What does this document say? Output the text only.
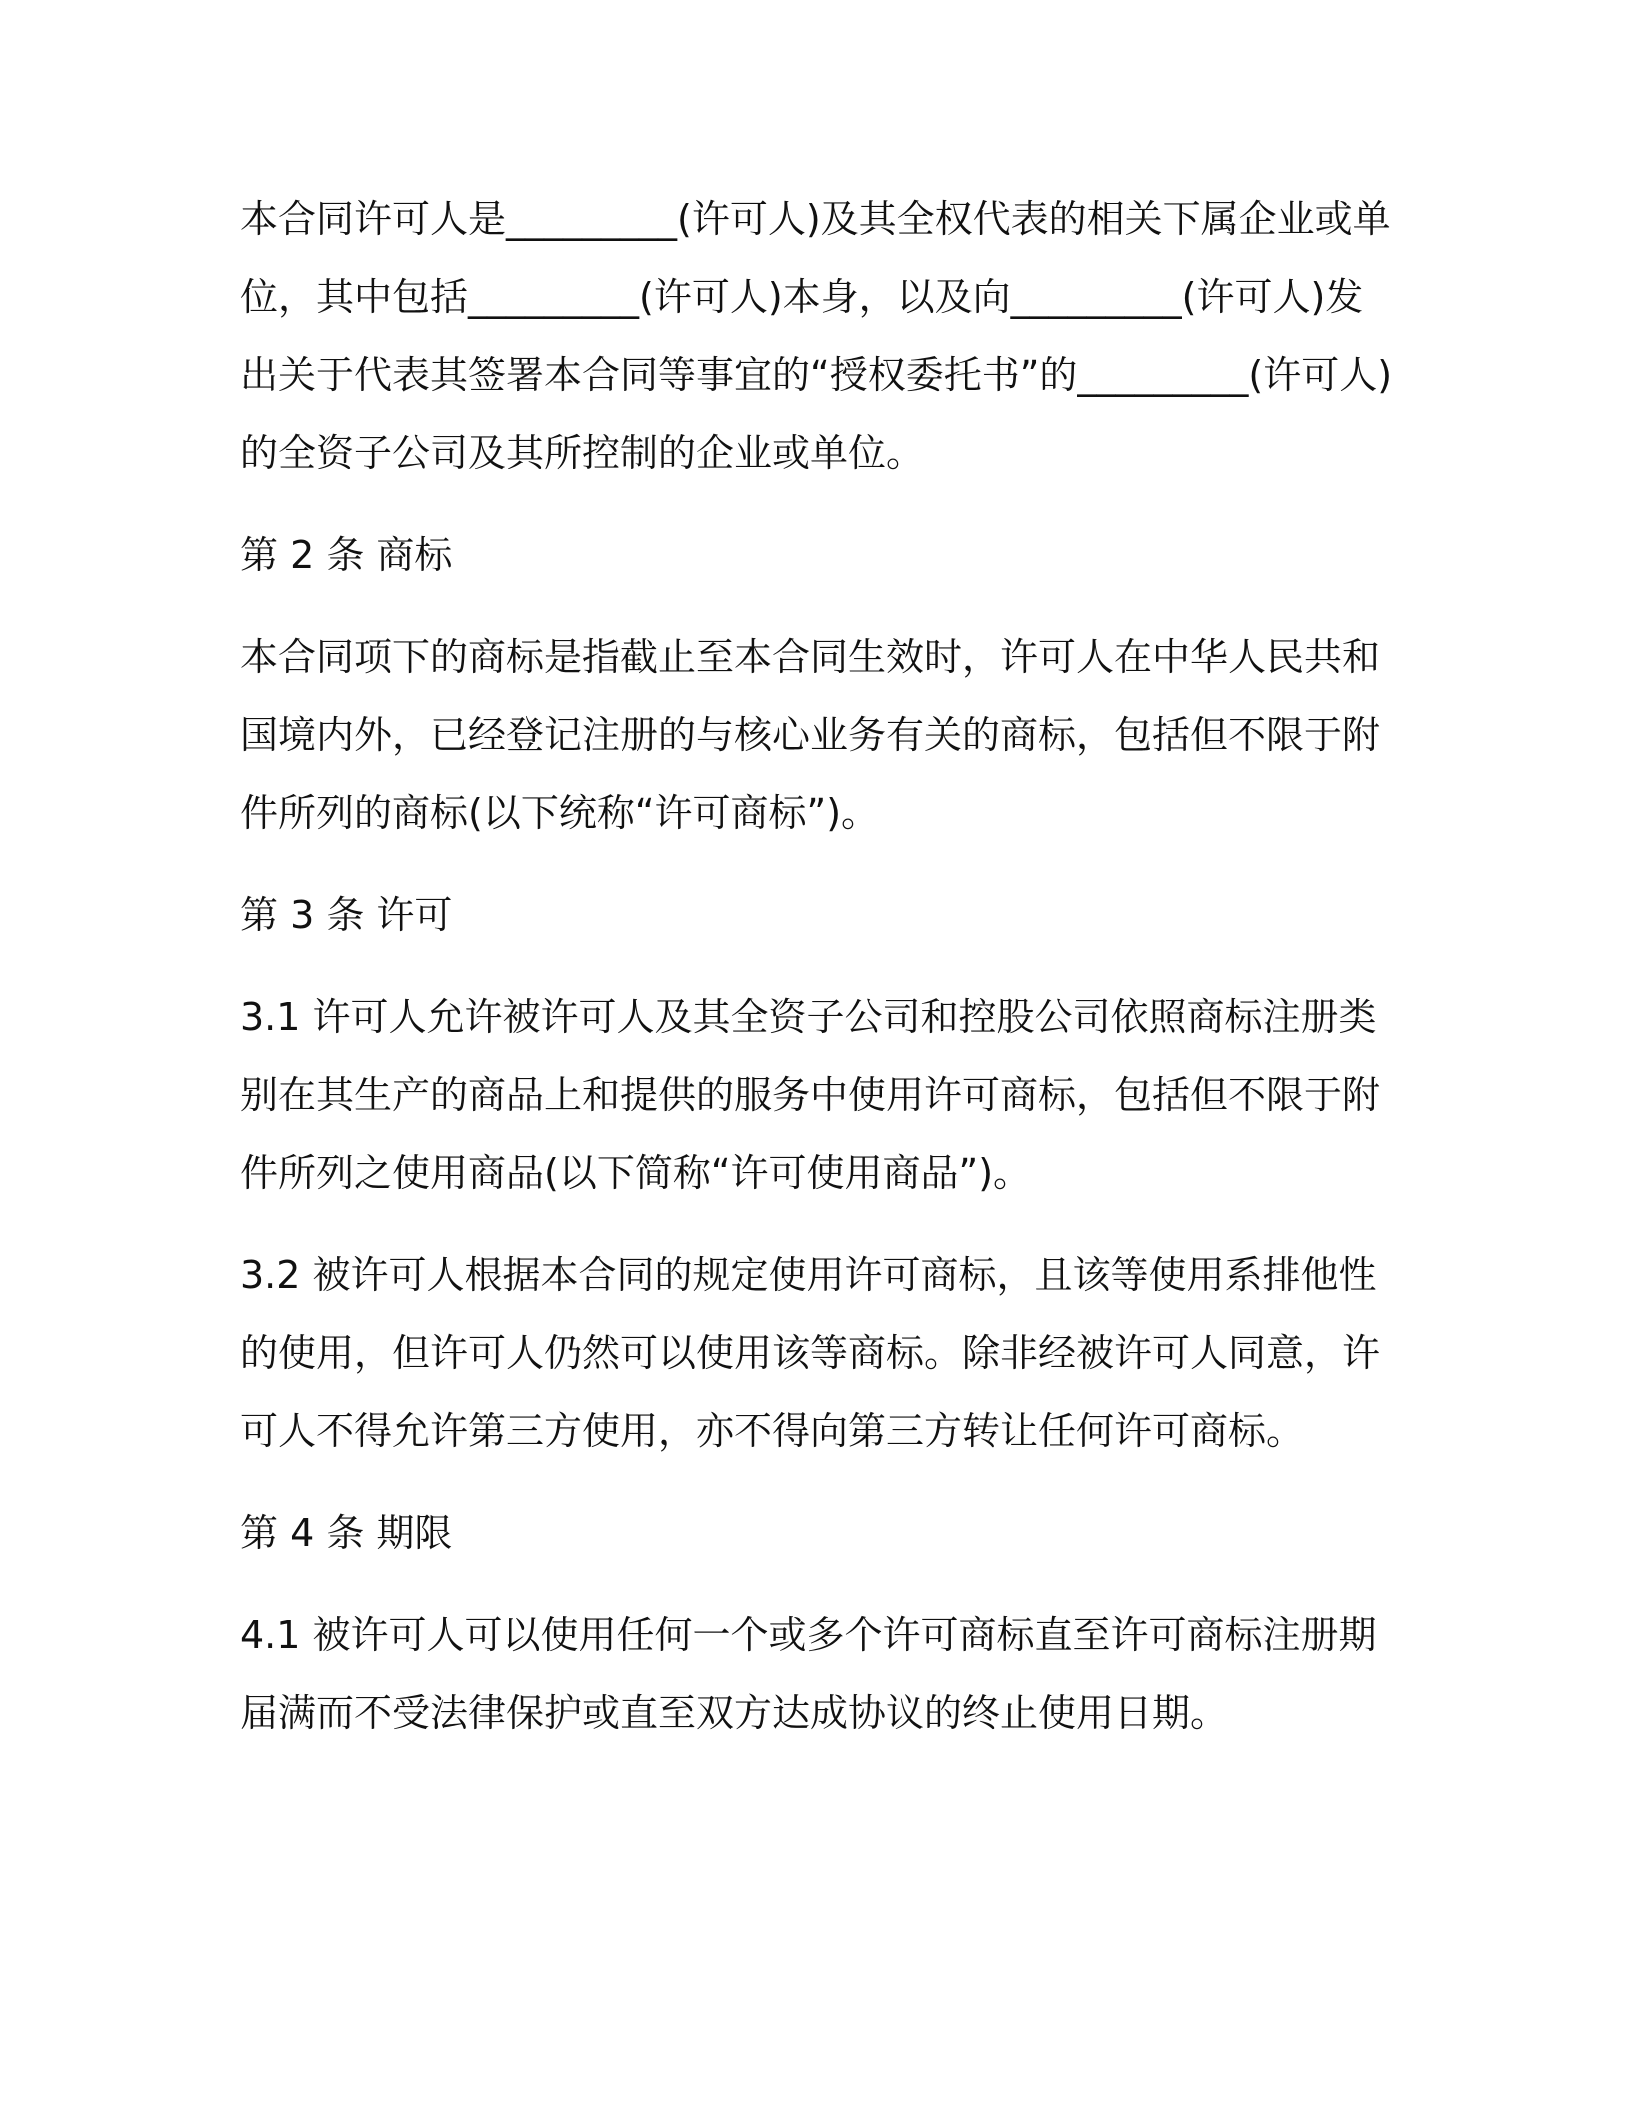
本合同许可人是_________(许可人)及其全权代表的相关下属企业或单位，其中包括_________(许可人)本身，以及向_________(许可人)发出关于代表其签署本合同等事宜的“授权委托书”的_________(许可人)的全资子公司及其所控制的企业或单位。

第 2 条 商标

本合同项下的商标是指截止至本合同生效时，许可人在中华人民共和国境内外，已经登记注册的与核心业务有关的商标，包括但不限于附件所列的商标(以下统称“许可商标”)。

第 3 条 许可

3.1 许可人允许被许可人及其全资子公司和控股公司依照商标注册类别在其生产的商品上和提供的服务中使用许可商标，包括但不限于附件所列之使用商品(以下简称“许可使用商品”)。

3.2 被许可人根据本合同的规定使用许可商标，且该等使用系排他性的使用，但许可人仍然可以使用该等商标。除非经被许可人同意，许可人不得允许第三方使用，亦不得向第三方转让任何许可商标。

第 4 条 期限

4.1 被许可人可以使用任何一个或多个许可商标直至许可商标注册期届满而不受法律保护或直至双方达成协议的终止使用日期。
